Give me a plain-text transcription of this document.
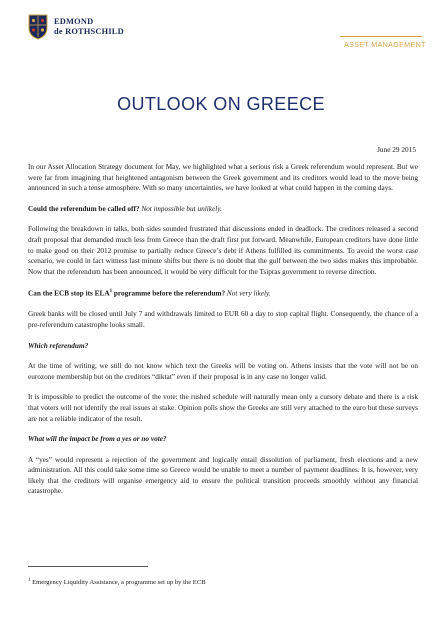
EDMOND
de ROTHSCHILD
ASSET MANAGEMENT
OUTLOOK ON GREECE
June 29 2015

In our Asset Allocation Strategy document for May, we highlighted what a serious risk a Greek referendum would represent. But we were far from imagining that heightened antagonism between the Greek government and its creditors would lead to the move being announced in such a tense atmosphere. With so many uncertainties, we have looked at what could happen in the coming days.

Could the referendum be called off? Not impossible but unlikely.

Following the breakdown in talks, both sides sounded frustrated that discussions ended in deadlock. The creditors released a second draft proposal that demanded much less from Greece than the draft first put forward. Meanwhile, European creditors have done little to make good on their 2012 promise to partially reduce Greece’s debt if Athens fulfilled its commitments. To avoid the worst case scenario, we could in fact witness last minute shifts but there is no doubt that the gulf between the two sides makes this improbable. Now that the referendum has been announced, it would be very difficult for the Tsipras government to reverse direction.

Can the ECB stop its ELA$^1$ programme before the referendum? Not very likely.

Greek banks will be closed until July 7 and withdrawals limited to EUR 60 a day to stop capital flight. Consequently, the chance of a pre-referendum catastrophe looks small.

Which referendum?

At the time of writing, we still do not know which text the Greeks will be voting on. Athens insists that the vote will not be on eurozone membership but on the creditors “diktat” even if their proposal is in any case no longer valid.

It is impossible to predict the outcome of the vote: the rushed schedule will naturally mean only a cursory debate and there is a risk that voters will not identify the real issues at stake. Opinion polls show the Greeks are still very attached to the euro but these surveys are not a reliable indicator of the result.

What will the impact be from a yes or no vote?

A “yes” would represent a rejection of the government and logically entail dissolution of parliament, fresh elections and a new administration. All this could take some time so Greece would be unable to meet a number of payment deadlines. It is, however, very likely that the creditors will organise emergency aid to ensure the political transition proceeds smoothly without any financial catastrophe.

$^1$ Emergency Liquidity Assistance, a programme set up by the ECB
